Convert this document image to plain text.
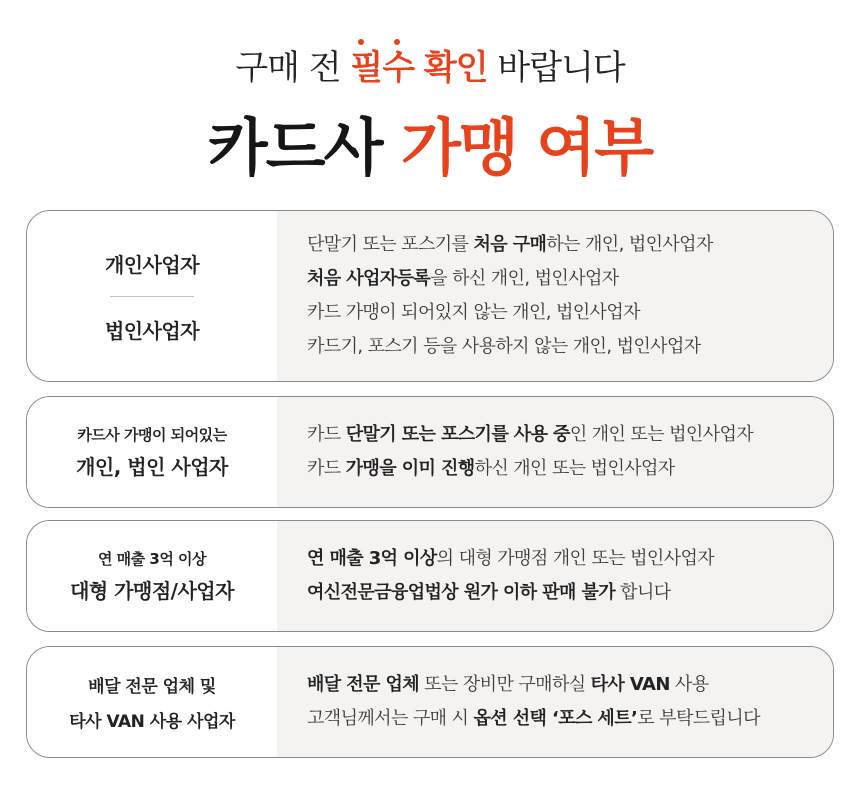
구매 전
필수 확인 바랍니다
카드사 가맹 여부
개인사업자
법인사업자
단말기 또는 포스기를 처음 구매하는 개인, 법인사업자
처음 사업자등록을 하신 개인, 법인사업자
카드 가맹이 되어있지 않는 개인, 법인사업자
카드기, 포스기 등을 사용하지 않는 개인, 법인사업자
카드사 가맹이 되어있는
개인, 법인 사업자
카드 단말기 또는 포스기를 사용 중인 개인 또는 법인사업자
카드 가맹을 이미 진행하신 개인 또는 법인사업자
연 매출 3억 이상
대형 가맹점/사업자
연 매출 3억 이상의 대형 가맹점 개인 또는 법인사업자
여신전문금융업법상 원가 이하 판매 불가 합니다
배달 전문 업체 및
타사 VAN 사용 사업자
배달 전문 업체 또는 장비만 구매하실 타사 VAN 사용
고객님께서는 구매 시 옵션 선택 ‘포스 세트’로 부탁드립니다
